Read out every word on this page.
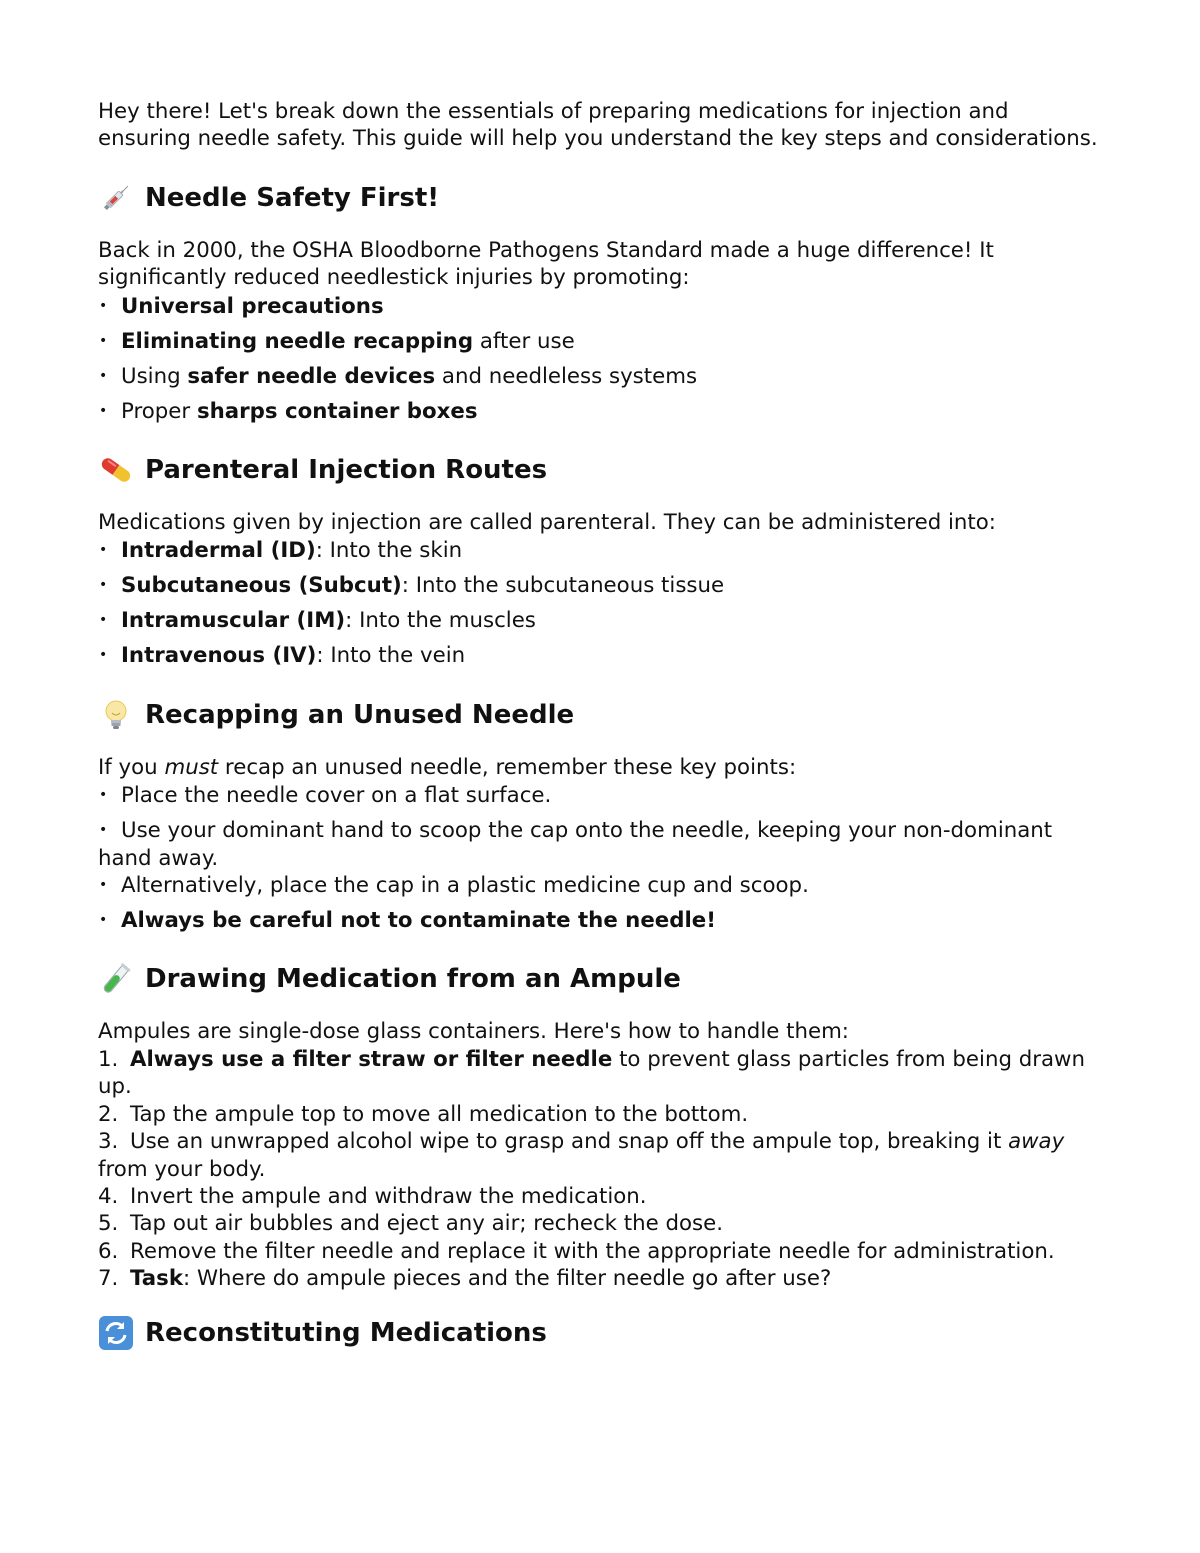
Hey there! Let's break down the essentials of preparing medications for injection and ensuring needle safety. This guide will help you understand the key steps and considerations.

Needle Safety First!

Back in 2000, the OSHA Bloodborne Pathogens Standard made a huge difference! It significantly reduced needlestick injuries by promoting:

• Universal precautions
• Eliminating needle recapping after use
• Using safer needle devices and needleless systems
• Proper sharps container boxes
Parenteral Injection Routes

Medications given by injection are called parenteral. They can be administered into:

• Intradermal (ID): Into the skin
• Subcutaneous (Subcut): Into the subcutaneous tissue
• Intramuscular (IM): Into the muscles
• Intravenous (IV): Into the vein
Recapping an Unused Needle

If you must recap an unused needle, remember these key points:

• Place the needle cover on a flat surface.
• Use your dominant hand to scoop the cap onto the needle, keeping your non-dominant hand away.
• Alternatively, place the cap in a plastic medicine cup and scoop.
• Always be careful not to contaminate the needle!
Drawing Medication from an Ampule

Ampules are single-dose glass containers. Here's how to handle them:

1. Always use a filter straw or filter needle to prevent glass particles from being drawn up.
2. Tap the ampule top to move all medication to the bottom.
3. Use an unwrapped alcohol wipe to grasp and snap off the ampule top, breaking it away from your body.
4. Invert the ampule and withdraw the medication.
5. Tap out air bubbles and eject any air; recheck the dose.
6. Remove the filter needle and replace it with the appropriate needle for administration.
7. Task: Where do ampule pieces and the filter needle go after use?
Reconstituting Medications
